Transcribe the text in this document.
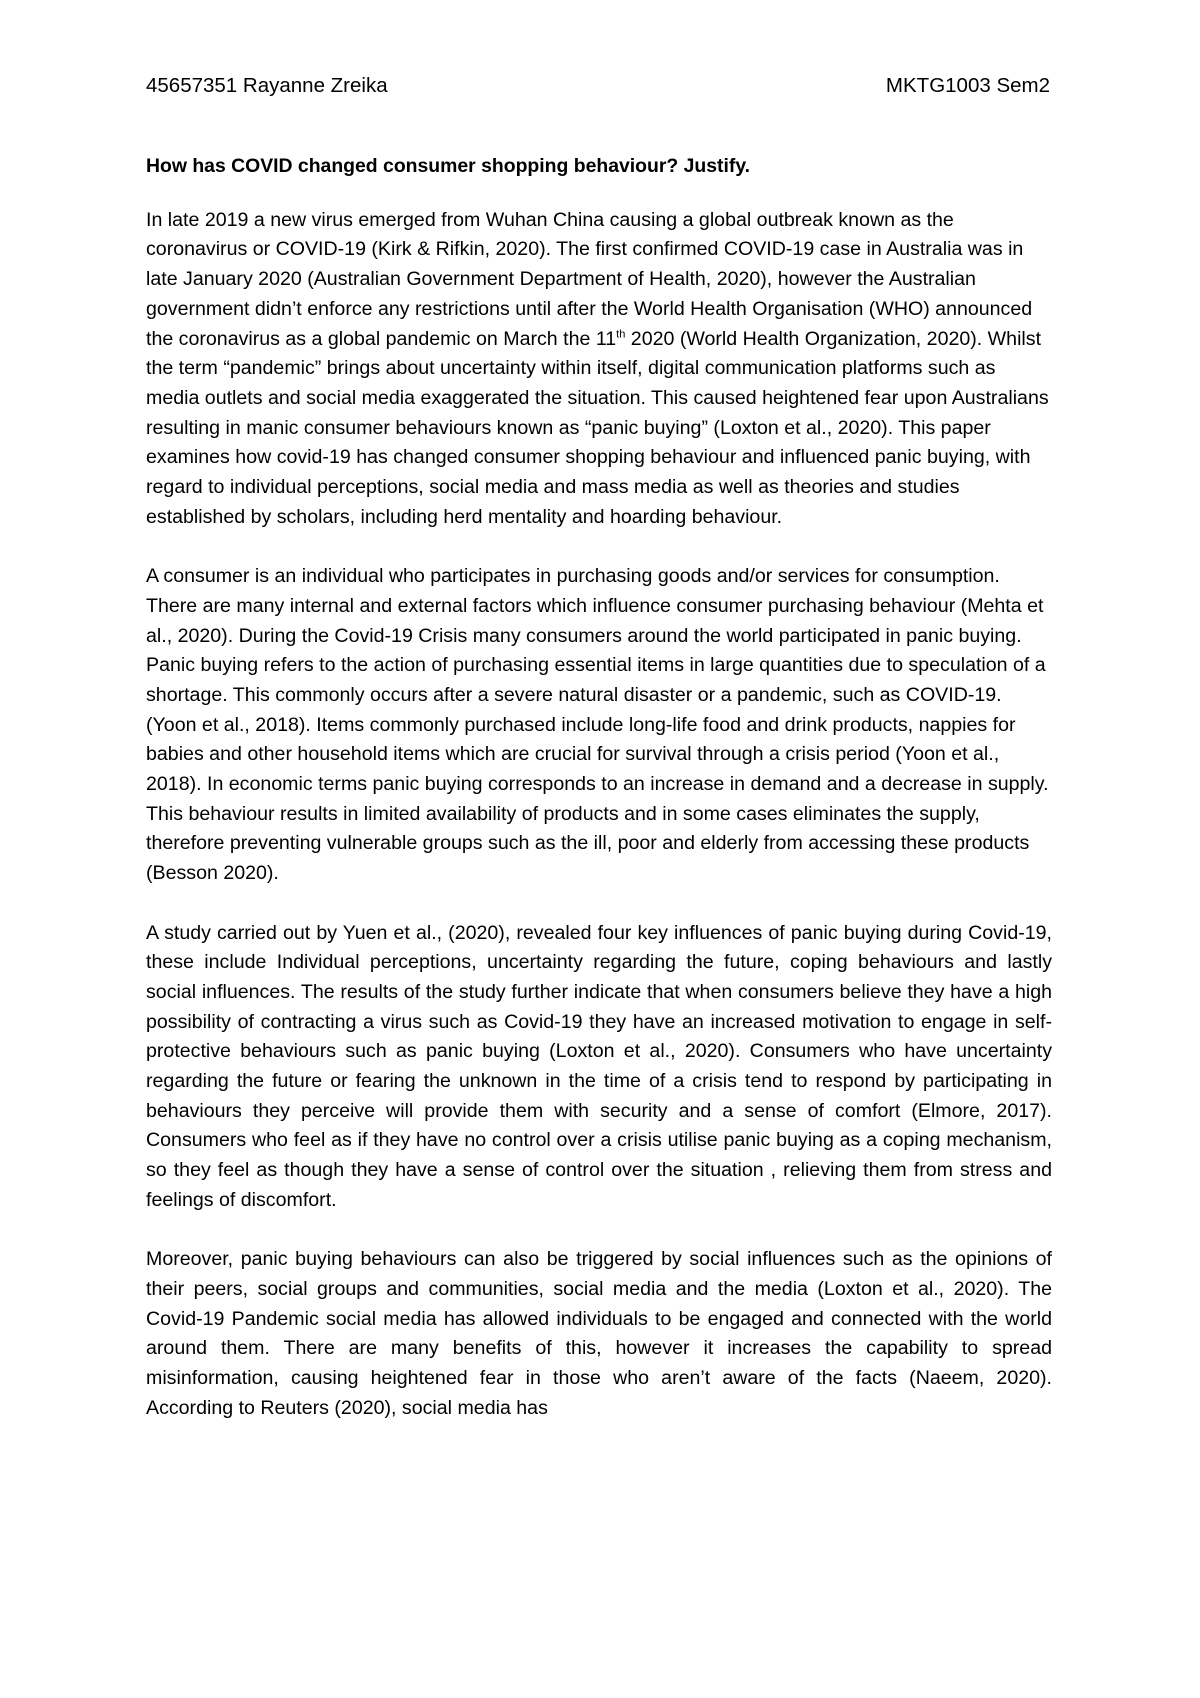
45657351 Rayanne Zreika	MKTG1003 Sem2

How has COVID changed consumer shopping behaviour? Justify.

In late 2019 a new virus emerged from Wuhan China causing a global outbreak known as the coronavirus or COVID-19 (Kirk & Rifkin, 2020). The first confirmed COVID-19 case in Australia was in late January 2020 (Australian Government Department of Health, 2020), however the Australian government didn’t enforce any restrictions until after the World Health Organisation (WHO) announced the coronavirus as a global pandemic on March the 11th 2020 (World Health Organization, 2020). Whilst the term “pandemic” brings about uncertainty within itself, digital communication platforms such as media outlets and social media exaggerated the situation. This caused heightened fear upon Australians resulting in manic consumer behaviours known as “panic buying” (Loxton et al., 2020). This paper examines how covid-19 has changed consumer shopping behaviour and influenced panic buying, with regard to individual perceptions, social media and mass media as well as theories and studies established by scholars, including herd mentality and hoarding behaviour.

A consumer is an individual who participates in purchasing goods and/or services for consumption. There are many internal and external factors which influence consumer purchasing behaviour (Mehta et al., 2020). During the Covid-19 Crisis many consumers around the world participated in panic buying. Panic buying refers to the action of purchasing essential items in large quantities due to speculation of a shortage. This commonly occurs after a severe natural disaster or a pandemic, such as COVID-19. (Yoon et al., 2018). Items commonly purchased include long-life food and drink products, nappies for babies and other household items which are crucial for survival through a crisis period (Yoon et al., 2018). In economic terms panic buying corresponds to an increase in demand and a decrease in supply. This behaviour results in limited availability of products and in some cases eliminates the supply, therefore preventing vulnerable groups such as the ill, poor and elderly from accessing these products (Besson 2020).

A study carried out by Yuen et al., (2020), revealed four key influences of panic buying during Covid-19, these include Individual perceptions, uncertainty regarding the future, coping behaviours and lastly social influences. The results of the study further indicate that when consumers believe they have a high possibility of contracting a virus such as Covid-19 they have an increased motivation to engage in self-protective behaviours such as panic buying (Loxton et al., 2020). Consumers who have uncertainty regarding the future or fearing the unknown in the time of a crisis tend to respond by participating in behaviours they perceive will provide them with security and a sense of comfort (Elmore, 2017). Consumers who feel as if they have no control over a crisis utilise panic buying as a coping mechanism, so they feel as though they have a sense of control over the situation , relieving them from stress and feelings of discomfort.

Moreover, panic buying behaviours can also be triggered by social influences such as the opinions of their peers, social groups and communities, social media and the media (Loxton et al., 2020). The Covid-19 Pandemic social media has allowed individuals to be engaged and connected with the world around them. There are many benefits of this, however it increases the capability to spread misinformation, causing heightened fear in those who aren’t aware of the facts (Naeem, 2020). According to Reuters (2020), social media has
